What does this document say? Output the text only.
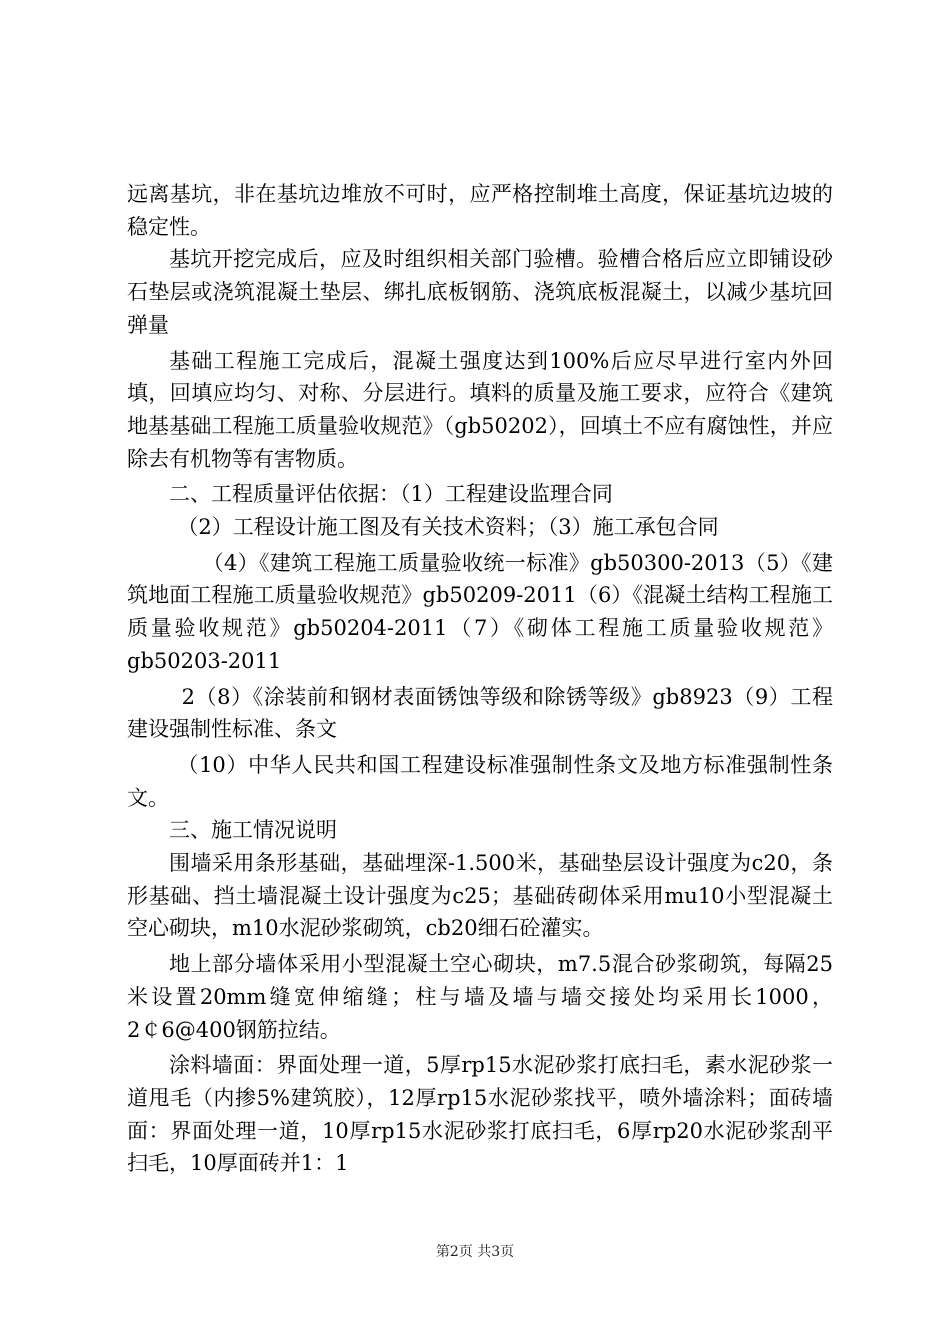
远离基坑，非在基坑边堆放不可时，应严格控制堆土高度，保证基坑边坡的稳定性。

基坑开挖完成后，应及时组织相关部门验槽。验槽合格后应立即铺设砂石垫层或浇筑混凝土垫层、绑扎底板钢筋、浇筑底板混凝土，以减少基坑回弹量

基础工程施工完成后，混凝土强度达到100%后应尽早进行室内外回填，回填应均匀、对称、分层进行。填料的质量及施工要求，应符合《建筑地基基础工程施工质量验收规范》（gb50202），回填土不应有腐蚀性，并应除去有机物等有害物质。

二、工程质量评估依据：（1）工程建设监理合同

（2）工程设计施工图及有关技术资料；（3）施工承包合同

（4）《建筑工程施工质量验收统一标准》gb50300-2013（5）《建筑地面工程施工质量验收规范》gb50209-2011（6）《混凝土结构工程施工质量验收规范》gb50204-2011（7）《砌体工程施工质量验收规范》gb50203-2011

2（8）《涂装前和钢材表面锈蚀等级和除锈等级》gb8923（9）工程建设强制性标准、条文

（10）中华人民共和国工程建设标准强制性条文及地方标准强制性条文。

三、施工情况说明

围墙采用条形基础，基础埋深-1.500米，基础垫层设计强度为c20，条形基础、挡土墙混凝土设计强度为c25；基础砖砌体采用mu10小型混凝土空心砌块，m10水泥砂浆砌筑，cb20细石砼灌实。

地上部分墙体采用小型混凝土空心砌块，m7.5混合砂浆砌筑，每隔25米设置20mm缝宽伸缩缝；柱与墙及墙与墙交接处均采用长1000，2￠6@400钢筋拉结。

涂料墙面：界面处理一道，5厚rp15水泥砂浆打底扫毛，素水泥砂浆一道甩毛（内掺5%建筑胶），12厚rp15水泥砂浆找平，喷外墙涂料；面砖墙面：界面处理一道，10厚rp15水泥砂浆打底扫毛，6厚rp20水泥砂浆刮平扫毛，10厚面砖并1：1

第2页 共3页
